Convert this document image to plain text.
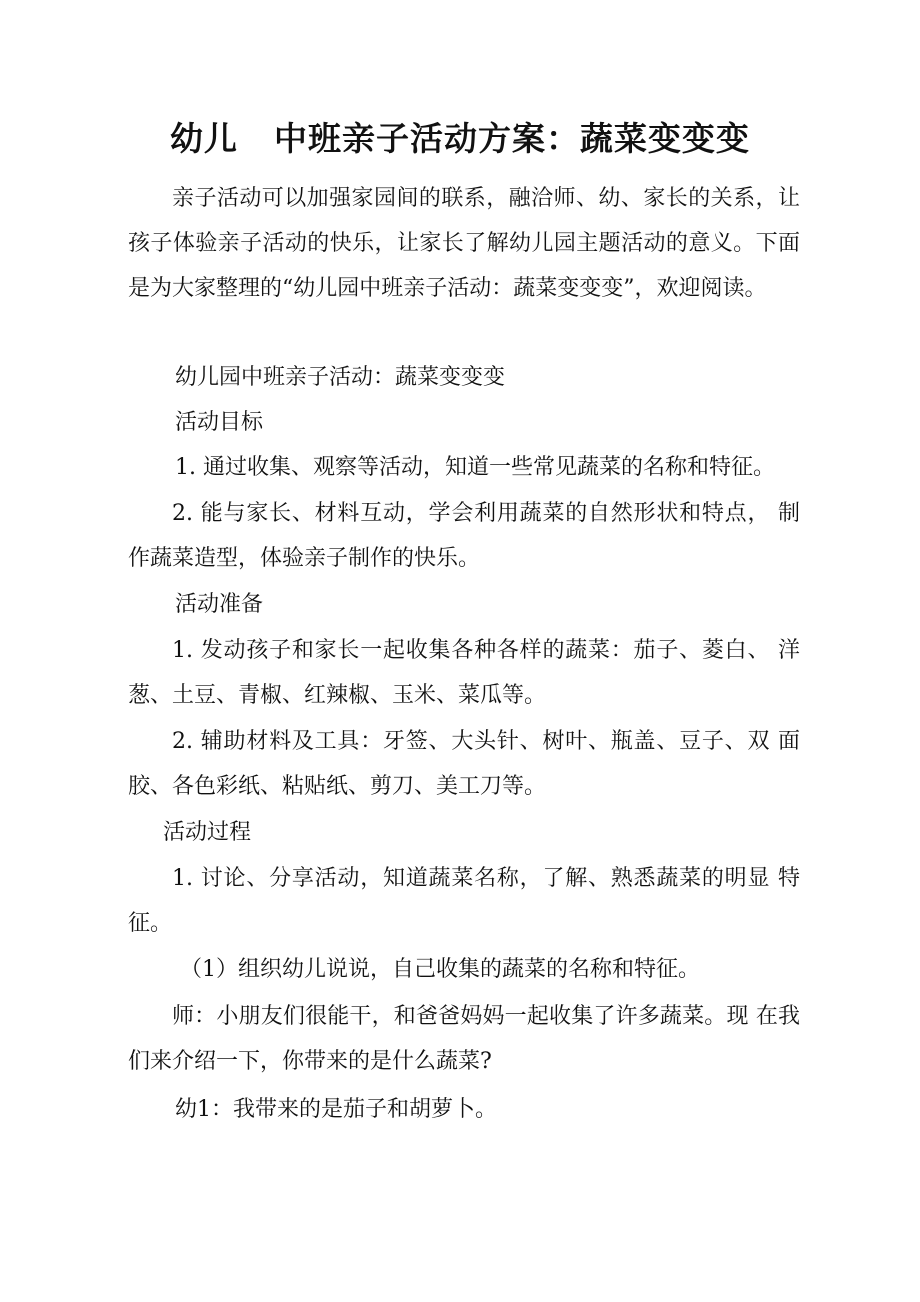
幼儿 中班亲子活动方案：蔬菜变变变

亲子活动可以加强家园间的联系，融洽师、幼、家长的关系，让孩子体验亲子活动的快乐，让家长了解幼儿园主题活动的意义。下面是为大家整理的“幼儿园中班亲子活动：蔬菜变变变”，欢迎阅读。

幼儿园中班亲子活动：蔬菜变变变

活动目标

1. 通过收集、观察等活动，知道一些常见蔬菜的名称和特征。

2. 能与家长、材料互动，学会利用蔬菜的自然形状和特点， 制作蔬菜造型，体验亲子制作的快乐。

活动准备

1. 发动孩子和家长一起收集各种各样的蔬菜：茄子、菱白、 洋葱、土豆、青椒、红辣椒、玉米、菜瓜等。

2. 辅助材料及工具：牙签、大头针、树叶、瓶盖、豆子、双 面胶、各色彩纸、粘贴纸、剪刀、美工刀等。

活动过程

1. 讨论、分享活动，知道蔬菜名称，了解、熟悉蔬菜的明显 特征。

（1）组织幼儿说说，自己收集的蔬菜的名称和特征。

师：小朋友们很能干，和爸爸妈妈一起收集了许多蔬菜。现 在我们来介绍一下，你带来的是什么蔬菜?

幼1：我带来的是茄子和胡萝卜。
